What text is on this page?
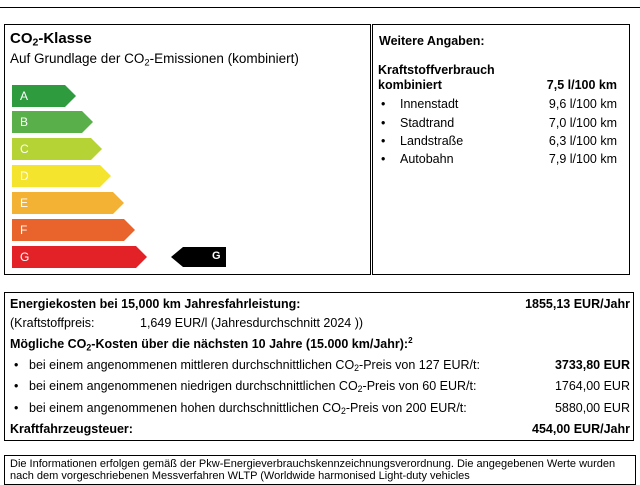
$CO_2$-Klasse
Auf Grundlage der $CO_2$-Emissionen (kombiniert)
A
B
C
D
E
F
G	G
Weitere Angaben:
Kraftstoffverbrauch kombiniert	7,5 l/100 km
• Innenstadt	9,6 l/100 km
• Stadtrand	7,0 l/100 km
• Landstraße	6,3 l/100 km
• Autobahn	7,9 l/100 km
Energiekosten bei 15,000 km Jahresfahrleistung:	1855,13 EUR/Jahr
(Kraftstoffpreis:	1,649 EUR/l (Jahresdurchschnitt 2024 ))
Mögliche $CO_2$-Kosten über die nächsten 10 Jahre (15.000 km/Jahr):$^2$
• bei einem angenommenen mittleren durchschnittlichen $CO_2$-Preis von 127 EUR/t:	3733,80 EUR
• bei einem angenommenen niedrigen durchschnittlichen $CO_2$-Preis von 60 EUR/t:	1764,00 EUR
• bei einem angenommenen hohen durchschnittlichen $CO_2$-Preis von 200 EUR/t:	5880,00 EUR
Kraftfahrzeugsteuer:	454,00 EUR/Jahr
Die Informationen erfolgen gemäß der Pkw-Energieverbrauchskennzeichnungsverordnung. Die angegebenen Werte wurden nach dem vorgeschriebenen Messverfahren WLTP (Worldwide harmonised Light-duty vehicles
